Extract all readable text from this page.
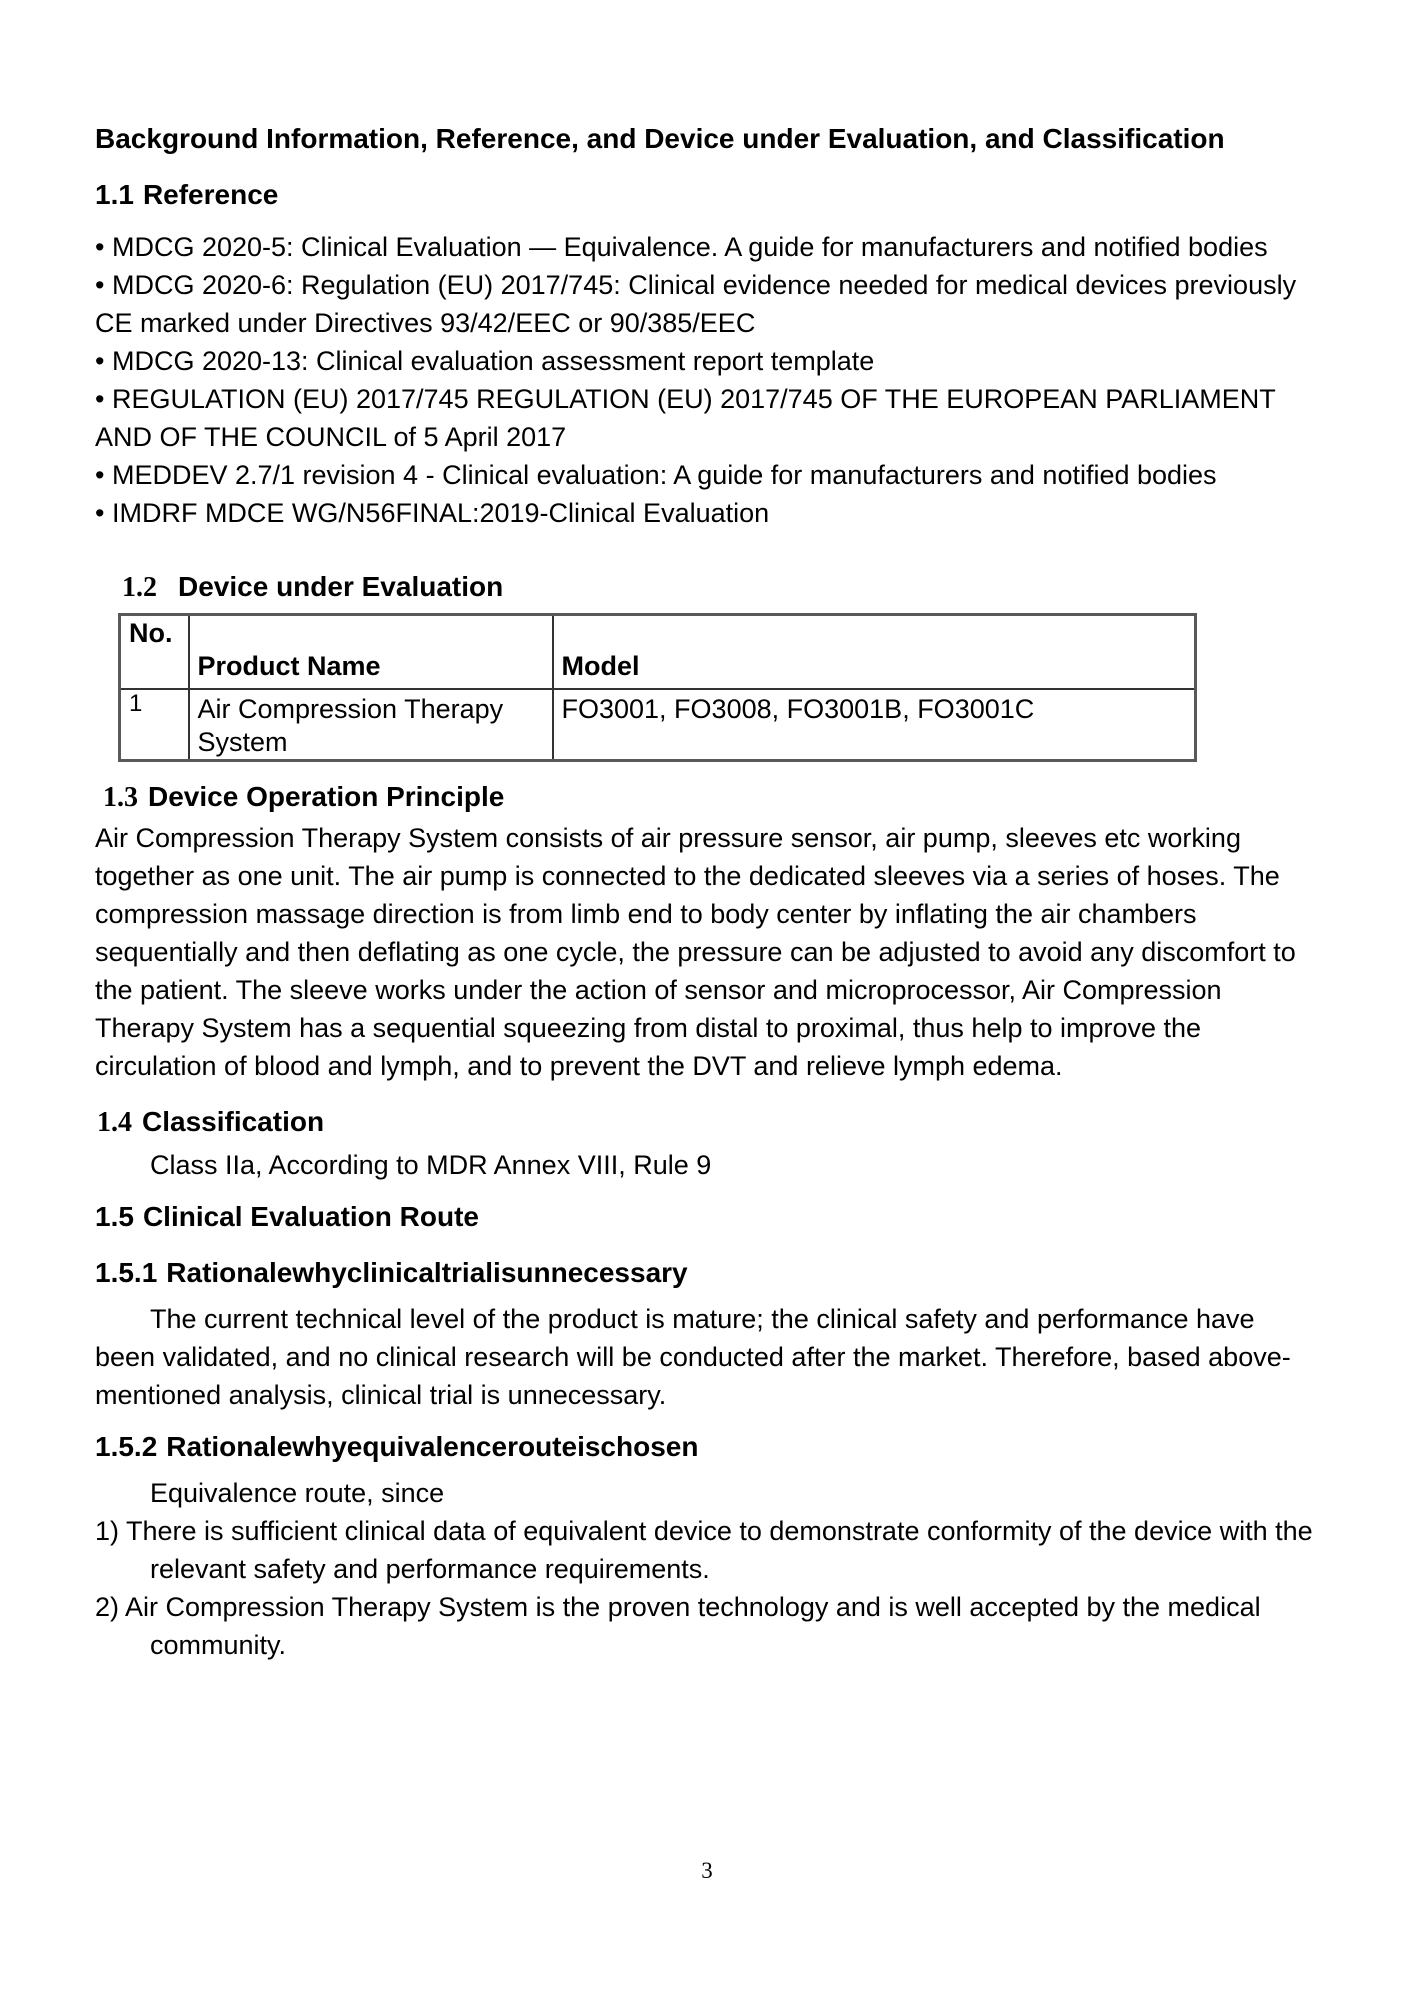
Background Information, Reference, and Device under Evaluation, and Classification
1.1 Reference
• MDCG 2020-5: Clinical Evaluation — Equivalence. A guide for manufacturers and notified bodies
• MDCG 2020-6: Regulation (EU) 2017/745: Clinical evidence needed for medical devices previously CE marked under Directives 93/42/EEC or 90/385/EEC
• MDCG 2020-13: Clinical evaluation assessment report template
• REGULATION (EU) 2017/745 REGULATION (EU) 2017/745 OF THE EUROPEAN PARLIAMENT AND OF THE COUNCIL of 5 April 2017
• MEDDEV 2.7/1 revision 4 - Clinical evaluation: A guide for manufacturers and notified bodies
• IMDRF MDCE WG/N56FINAL:2019-Clinical Evaluation
1.2 Device under Evaluation
No.	Product Name	Model
1	Air Compression Therapy System	FO3001, FO3008, FO3001B, FO3001C
1.3 Device Operation Principle
Air Compression Therapy System consists of air pressure sensor, air pump, sleeves etc working together as one unit. The air pump is connected to the dedicated sleeves via a series of hoses. The compression massage direction is from limb end to body center by inflating the air chambers sequentially and then deflating as one cycle, the pressure can be adjusted to avoid any discomfort to the patient. The sleeve works under the action of sensor and microprocessor, Air Compression Therapy System has a sequential squeezing from distal to proximal, thus help to improve the circulation of blood and lymph, and to prevent the DVT and relieve lymph edema.
1.4 Classification
Class IIa, According to MDR Annex VIII, Rule 9
1.5 Clinical Evaluation Route
1.5.1 Rationalewhyclinicaltrialisunnecessary
The current technical level of the product is mature; the clinical safety and performance have been validated, and no clinical research will be conducted after the market. Therefore, based above-mentioned analysis, clinical trial is unnecessary.
1.5.2 Rationalewhyequivalencerouteischosen
Equivalence route, since
1) There is sufficient clinical data of equivalent device to demonstrate conformity of the device with the relevant safety and performance requirements.
2) Air Compression Therapy System is the proven technology and is well accepted by the medical community.
3
